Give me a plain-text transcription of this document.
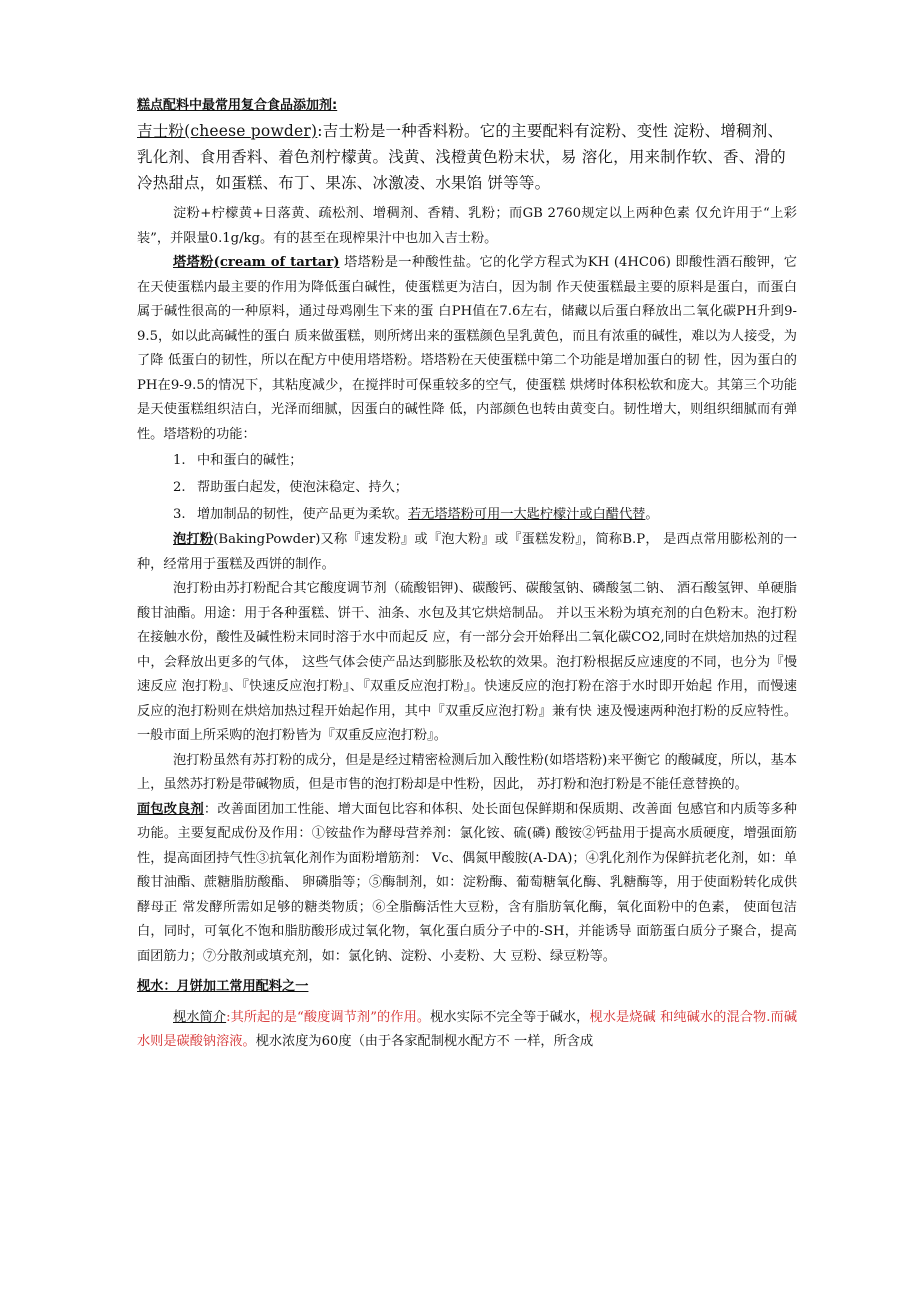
糕点配料中最常用复合食品添加剂:

吉士粉(cheese powder):吉士粉是一种香料粉。它的主要配料有淀粉、变性 淀粉、增稠剂、乳化剂、食用香料、着色剂柠檬黄。浅黄、浅橙黄色粉末状，易 溶化，用来制作软、香、滑的冷热甜点，如蛋糕、布丁、果冻、冰激凌、水果馅 饼等等。

淀粉+柠檬黄+日落黄、疏松剂、增稠剂、香精、乳粉；而GB 2760规定以上两种色素 仅允许用于“上彩装”，并限量0.1g/kg。有的甚至在现榨果汁中也加入吉士粉。

塔塔粉(cream of tartar) 塔塔粉是一种酸性盐。它的化学方程式为KH (4HC06) 即酸性酒石酸钾，它在天使蛋糕内最主要的作用为降低蛋白碱性，使蛋糕更为洁白，因为制 作天使蛋糕最主要的原料是蛋白，而蛋白属于碱性很高的一种原料，通过母鸡刚生下来的蛋 白PH值在7.6左右，储藏以后蛋白释放出二氧化碳PH升到9-9.5，如以此高碱性的蛋白 质来做蛋糕，则所烤出来的蛋糕颜色呈乳黄色，而且有浓重的碱性，难以为人接受，为了降 低蛋白的韧性，所以在配方中使用塔塔粉。塔塔粉在天使蛋糕中第二个功能是增加蛋白的韧 性，因为蛋白的PH在9-9.5的情况下，其粘度减少，在搅拌时可保重较多的空气，使蛋糕 烘烤时体积松软和庞大。其第三个功能是天使蛋糕组织洁白，光泽而细腻，因蛋白的碱性降 低，内部颜色也转由黄变白。韧性增大，则组织细腻而有弹性。塔塔粉的功能：

1. 中和蛋白的碱性；
2. 帮助蛋白起发，使泡沫稳定、持久；
3. 增加制品的韧性，使产品更为柔软。若无塔塔粉可用一大匙柠檬汁或白醋代替。

泡打粉(BakingPowder)又称『速发粉』或『泡大粉』或『蛋糕发粉』，简称B.P， 是西点常用膨松剂的一种，经常用于蛋糕及西饼的制作。

泡打粉由苏打粉配合其它酸度调节剂（硫酸铝钾)、碳酸钙、碳酸氢钠、磷酸氢二钠、 酒石酸氢钾、单硬脂酸甘油酯。用途：用于各种蛋糕、饼干、油条、水包及其它烘焙制品。 并以玉米粉为填充剂的白色粉末。泡打粉在接触水份，酸性及碱性粉末同时溶于水中而起反 应，有一部分会开始释出二氧化碳CO2,同时在烘焙加热的过程中，会释放出更多的气体， 这些气体会使产品达到膨胀及松软的效果。泡打粉根据反应速度的不同，也分为『慢速反应 泡打粉』、『快速反应泡打粉』、『双重反应泡打粉』。快速反应的泡打粉在溶于水时即开始起 作用，而慢速反应的泡打粉则在烘焙加热过程开始起作用，其中『双重反应泡打粉』兼有快 速及慢速两种泡打粉的反应特性。一般市面上所采购的泡打粉皆为『双重反应泡打粉』。

泡打粉虽然有苏打粉的成分，但是是经过精密检测后加入酸性粉(如塔塔粉)来平衡它 的酸碱度，所以，基本上，虽然苏打粉是带碱物质，但是市售的泡打粉却是中性粉，因此， 苏打粉和泡打粉是不能任意替换的。

面包改良剂：改善面团加工性能、增大面包比容和体积、处长面包保鲜期和保质期、改善面 包感官和内质等多种功能。主要复配成份及作用：①铵盐作为酵母营养剂：氯化铵、硫(磷) 酸铵②钙盐用于提高水质硬度，增强面筋性，提高面团持气性③抗氧化剂作为面粉增筋剂： Vc、偶氮甲酸胺(A-DA)；④乳化剂作为保鲜抗老化剂，如：单酸甘油酯、蔗糖脂肪酸酯、 卵磷脂等；⑤酶制剂，如：淀粉酶、葡萄糖氧化酶、乳糖酶等，用于使面粉转化成供酵母正 常发酵所需如足够的糖类物质；⑥全脂酶活性大豆粉，含有脂肪氧化酶，氧化面粉中的色素， 使面包洁白，同时，可氧化不饱和脂肪酸形成过氧化物，氧化蛋白质分子中的-SH，并能诱导 面筋蛋白质分子聚合，提高面团筋力；⑦分散剂或填充剂，如：氯化钠、淀粉、小麦粉、大 豆粉、绿豆粉等。

枧水：月饼加工常用配料之一

枧水简介:其所起的是“酸度调节剂”的作用。枧水实际不完全等于碱水，枧水是烧碱 和纯碱水的混合物.而碱水则是碳酸钠溶液。枧水浓度为60度（由于各家配制枧水配方不 一样，所含成
